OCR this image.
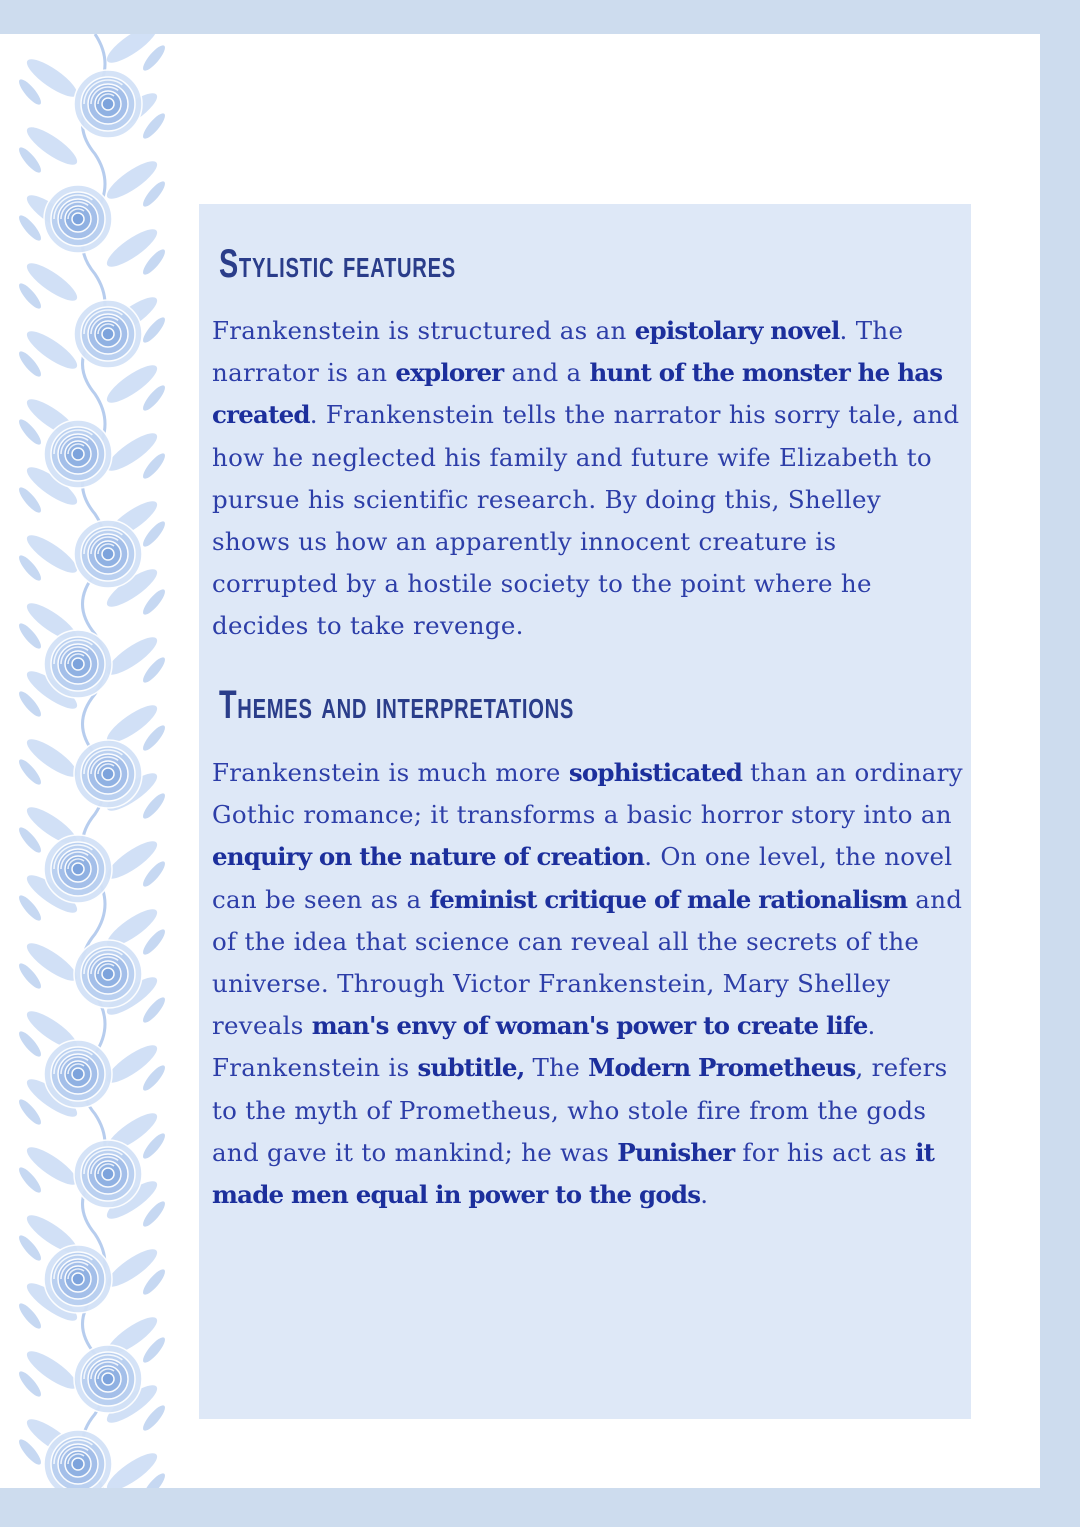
Stylistic features

Frankenstein is structured as an epistolary novel. The narrator is an explorer and a hunt of the monster he has created. Frankenstein tells the narrator his sorry tale, and how he neglected his family and future wife Elizabeth to pursue his scientific research. By doing this, Shelley shows us how an apparently innocent creature is corrupted by a hostile society to the point where he decides to take revenge.

Themes and interpretations

Frankenstein is much more sophisticated than an ordinary Gothic romance; it transforms a basic horror story into an enquiry on the nature of creation. On one level, the novel can be seen as a feminist critique of male rationalism and of the idea that science can reveal all the secrets of the universe. Through Victor Frankenstein, Mary Shelley reveals man's envy of woman's power to create life. Frankenstein is subtitle, The Modern Prometheus, refers to the myth of Prometheus, who stole fire from the gods and gave it to mankind; he was Punisher for his act as it made men equal in power to the gods.
